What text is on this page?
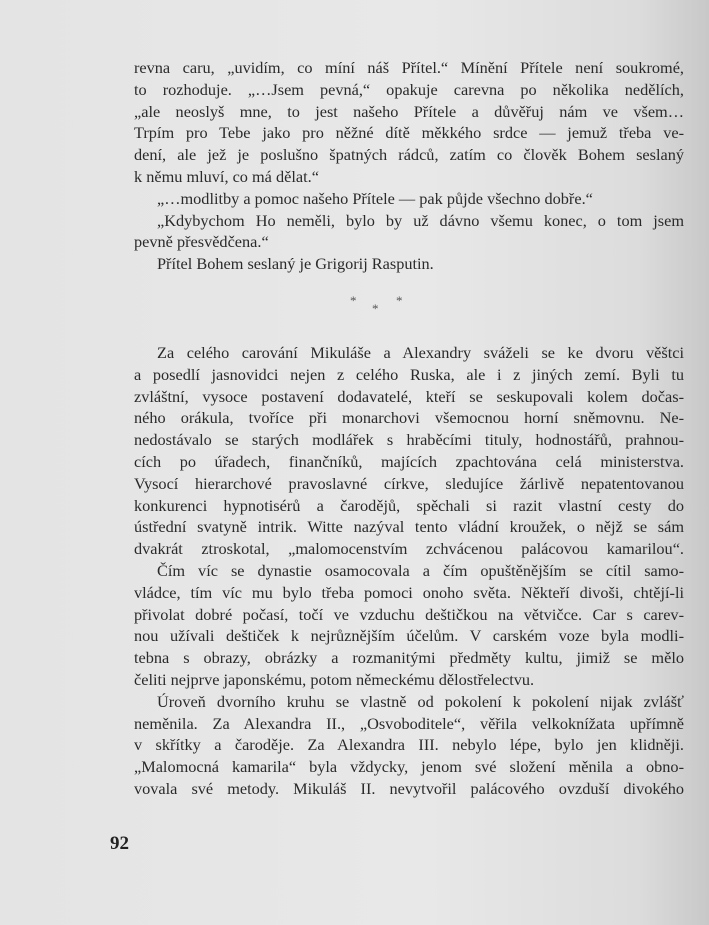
revna caru, „uvidím, co míní náš Přítel.“ Mínění Přítele není soukromé,
to rozhoduje. „…Jsem pevná,“ opakuje carevna po několika nedělích,
„ale neoslyš mne, to jest našeho Přítele a důvěřuj nám ve všem…
Trpím pro Tebe jako pro něžné dítě měkkého srdce — jemuž třeba ve-
dení, ale jež je poslušno špatných rádců, zatím co člověk Bohem seslaný
k němu mluví, co má dělat.“
„…modlitby a pomoc našeho Přítele — pak půjde všechno dobře.“
„Kdybychom Ho neměli, bylo by už dávno všemu konec, o tom jsem
pevně přesvědčena.“
Přítel Bohem seslaný je Grigorij Rasputin.
*
*
*
Za celého carování Mikuláše a Alexandry sváželi se ke dvoru věštci
a posedlí jasnovidci nejen z celého Ruska, ale i z jiných zemí. Byli tu
zvláštní, vysoce postavení dodavatelé, kteří se seskupovali kolem dočas-
ného orákula, tvoříce při monarchovi všemocnou horní sněmovnu. Ne-
nedostávalo se starých modlářek s hraběcími tituly, hodnostářů, prahnou-
cích po úřadech, finančníků, majících zpachtována celá ministerstva.
Vysocí hierarchové pravoslavné církve, sledujíce žárlivě nepatentovanou
konkurenci hypnotisérů a čarodějů, spěchali si razit vlastní cesty do
ústřední svatyně intrik. Witte nazýval tento vládní kroužek, o nějž se sám
dvakrát ztroskotal, „malomocenstvím zchvácenou palácovou kamarilou“.
Čím víc se dynastie osamocovala a čím opuštěnějším se cítil samo-
vládce, tím víc mu bylo třeba pomoci onoho světa. Někteří divoši, chtějí-li
přivolat dobré počasí, točí ve vzduchu deštičkou na větvičce. Car s carev-
nou užívali deštiček k nejrůznějším účelům. V carském voze byla modli-
tebna s obrazy, obrázky a rozmanitými předměty kultu, jimiž se mělo
čeliti nejprve japonskému, potom německému dělostřelectvu.
Úroveň dvorního kruhu se vlastně od pokolení k pokolení nijak zvlášť
neměnila. Za Alexandra II., „Osvoboditele“, věřila velkoknížata upřímně
v skřítky a čaroděje. Za Alexandra III. nebylo lépe, bylo jen klidněji.
„Malomocná kamarila“ byla vždycky, jenom své složení měnila a obno-
vovala své metody. Mikuláš II. nevytvořil palácového ovzduší divokého
92
